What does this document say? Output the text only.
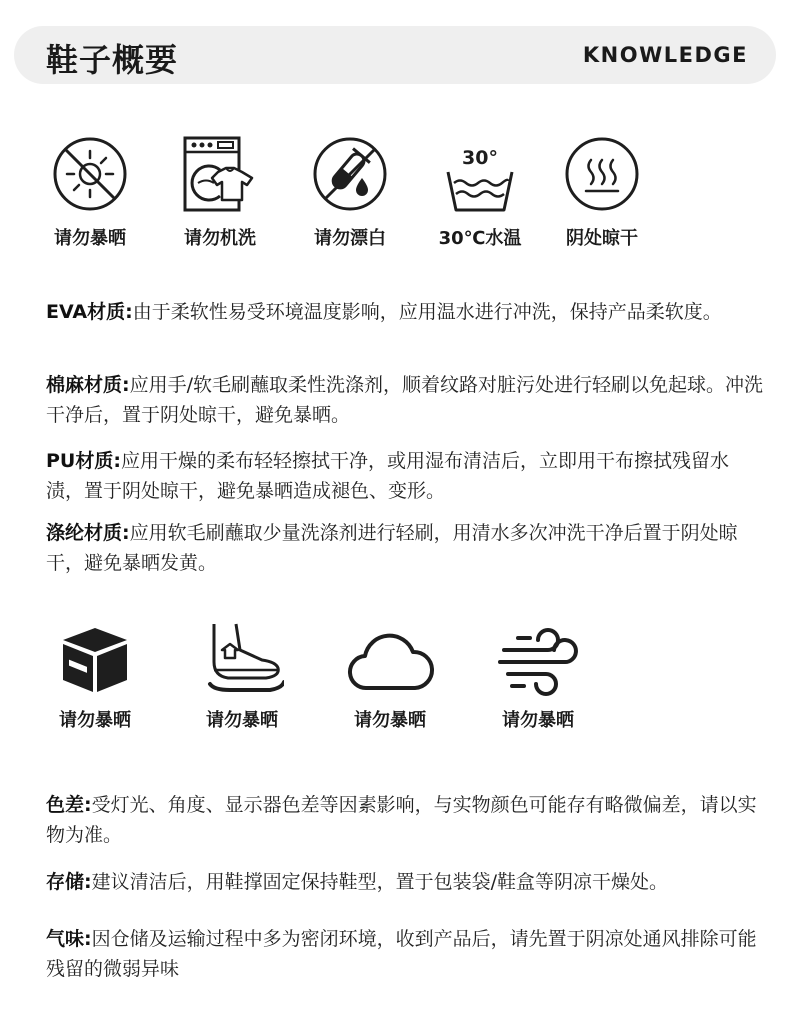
鞋子概要	KNOWLEDGE
请勿暴晒	请勿机洗	请勿漂白
30°
30℃水温	阴处晾干
EVA材质:由于柔软性易受环境温度影响，应用温水进行冲洗，保持产品柔软度。
棉麻材质:应用手/软毛刷蘸取柔性洗涤剂，顺着纹路对脏污处进行轻刷以免起球。冲洗干净后，置于阴处晾干，避免暴晒。
PU材质:应用干燥的柔布轻轻擦拭干净，或用湿布清洁后，立即用干布擦拭残留水渍，置于阴处晾干，避免暴晒造成褪色、变形。
涤纶材质:应用软毛刷蘸取少量洗涤剂进行轻刷，用清水多次冲洗干净后置于阴处晾干，避免暴晒发黄。
请勿暴晒	请勿暴晒	请勿暴晒	请勿暴晒
色差:受灯光、角度、显示器色差等因素影响，与实物颜色可能存有略微偏差，请以实物为准。
存储:建议清洁后，用鞋撑固定保持鞋型，置于包装袋/鞋盒等阴凉干燥处。
气味:因仓储及运输过程中多为密闭环境，收到产品后，请先置于阴凉处通风排除可能残留的微弱异味
